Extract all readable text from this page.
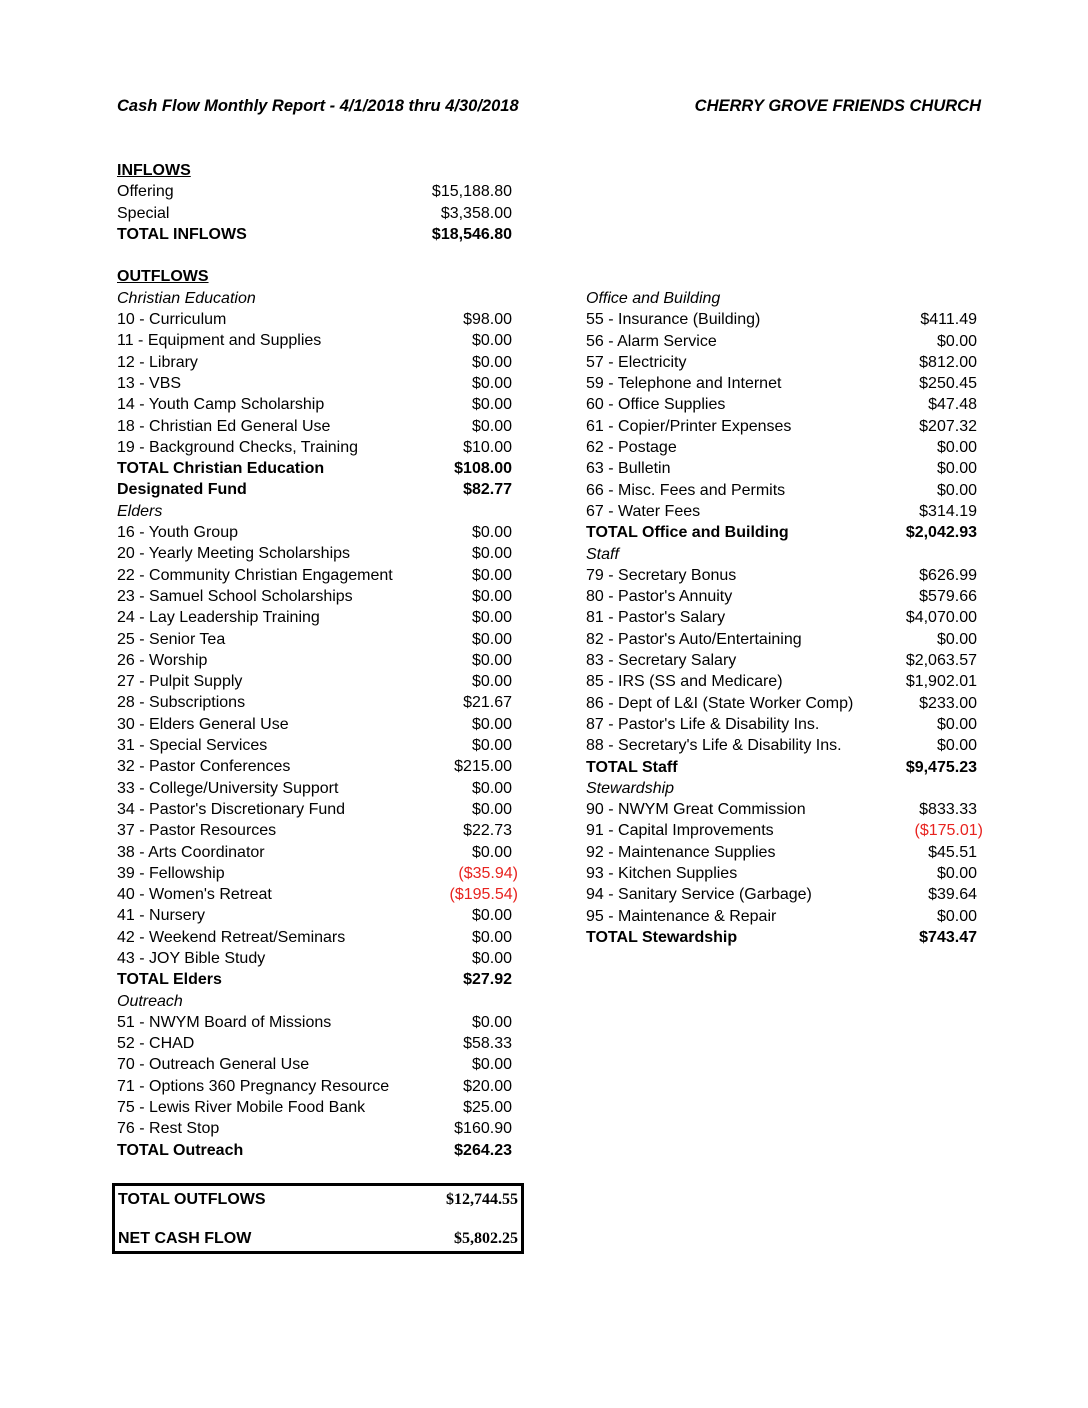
Cash Flow Monthly Report - 4/1/2018 thru 4/30/2018	CHERRY GROVE FRIENDS CHURCH
INFLOWS
Offering	$15,188.80
Special	$3,358.00
TOTAL INFLOWS	$18,546.80
OUTFLOWS
Christian Education
10 - Curriculum	$98.00
11 - Equipment and Supplies	$0.00
12 - Library	$0.00
13 - VBS	$0.00
14 - Youth Camp Scholarship	$0.00
18 - Christian Ed General Use	$0.00
19 - Background Checks, Training	$10.00
TOTAL Christian Education	$108.00
Designated Fund	$82.77
Elders
16 - Youth Group	$0.00
20 - Yearly Meeting Scholarships	$0.00
22 - Community Christian Engagement	$0.00
23 - Samuel School Scholarships	$0.00
24 - Lay Leadership Training	$0.00
25 - Senior Tea	$0.00
26 - Worship	$0.00
27 - Pulpit Supply	$0.00
28 - Subscriptions	$21.67
30 - Elders General Use	$0.00
31 - Special Services	$0.00
32 - Pastor Conferences	$215.00
33 - College/University Support	$0.00
34 - Pastor's Discretionary Fund	$0.00
37 - Pastor Resources	$22.73
38 - Arts Coordinator	$0.00
39 - Fellowship	($35.94)
40 - Women's Retreat	($195.54)
41 - Nursery	$0.00
42 - Weekend Retreat/Seminars	$0.00
43 - JOY Bible Study	$0.00
TOTAL Elders	$27.92
Outreach
51 - NWYM Board of Missions	$0.00
52 - CHAD	$58.33
70 - Outreach General Use	$0.00
71 - Options 360 Pregnancy Resource	$20.00
75 - Lewis River Mobile Food Bank	$25.00
76 - Rest Stop	$160.90
TOTAL Outreach	$264.23
Office and Building
55 - Insurance (Building)	$411.49
56 - Alarm Service	$0.00
57 - Electricity	$812.00
59 - Telephone and Internet	$250.45
60 - Office Supplies	$47.48
61 - Copier/Printer Expenses	$207.32
62 - Postage	$0.00
63 - Bulletin	$0.00
66 - Misc. Fees and Permits	$0.00
67 - Water Fees	$314.19
TOTAL Office and Building	$2,042.93
Staff
79 - Secretary Bonus	$626.99
80 - Pastor's Annuity	$579.66
81 - Pastor's Salary	$4,070.00
82 - Pastor's Auto/Entertaining	$0.00
83 - Secretary Salary	$2,063.57
85 - IRS (SS and Medicare)	$1,902.01
86 - Dept of L&I (State Worker Comp)	$233.00
87 - Pastor's Life & Disability Ins.	$0.00
88 - Secretary's Life & Disability Ins.	$0.00
TOTAL Staff	$9,475.23
Stewardship
90 - NWYM Great Commission	$833.33
91 - Capital Improvements	($175.01)
92 - Maintenance Supplies	$45.51
93 - Kitchen Supplies	$0.00
94 - Sanitary Service (Garbage)	$39.64
95 - Maintenance & Repair	$0.00
TOTAL Stewardship	$743.47
TOTAL OUTFLOWS	$12,744.55
NET CASH FLOW	$5,802.25
